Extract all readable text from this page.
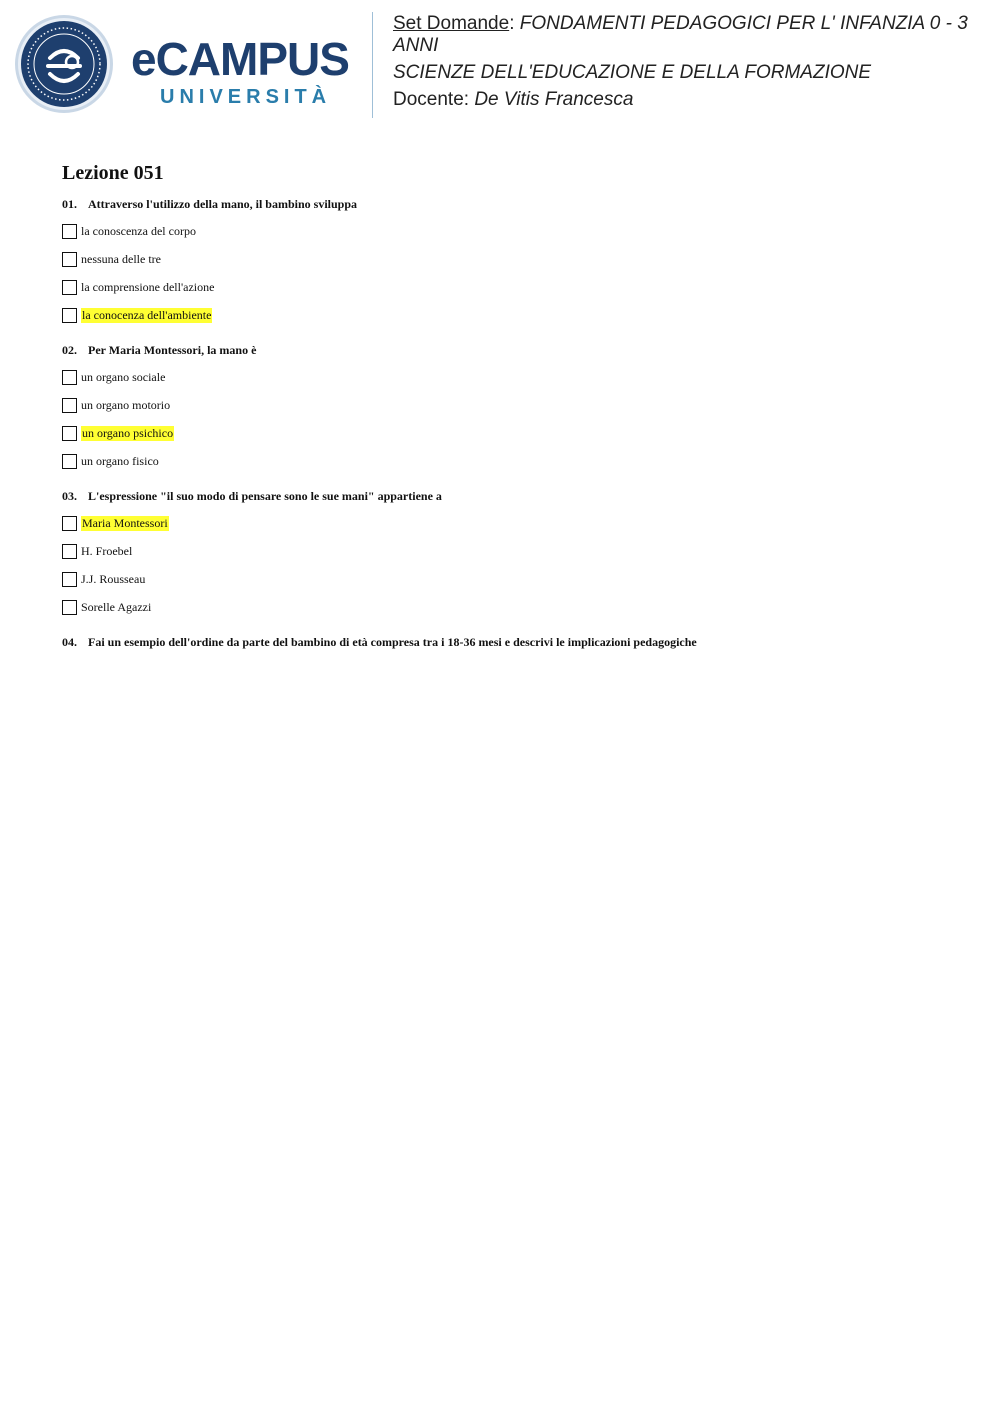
eCAMPUS
UNIVERSITÀ

Set Domande: FONDAMENTI PEDAGOGICI PER L' INFANZIA 0 - 3 ANNI

SCIENZE DELL'EDUCAZIONE E DELLA FORMAZIONE

Docente: De Vitis Francesca

Lezione 051

01. Attraverso l'utilizzo della mano, il bambino sviluppa

la conoscenza del corpo
nessuna delle tre
la comprensione dell'azione
la conocenza dell'ambiente

02. Per Maria Montessori, la mano è

un organo sociale
un organo motorio
un organo psichico
un organo fisico

03. L'espressione "il suo modo di pensare sono le sue mani" appartiene a

Maria Montessori
H. Froebel
J.J. Rousseau
Sorelle Agazzi

04. Fai un esempio dell'ordine da parte del bambino di età compresa tra i 18-36 mesi e descrivi le implicazioni pedagogiche
